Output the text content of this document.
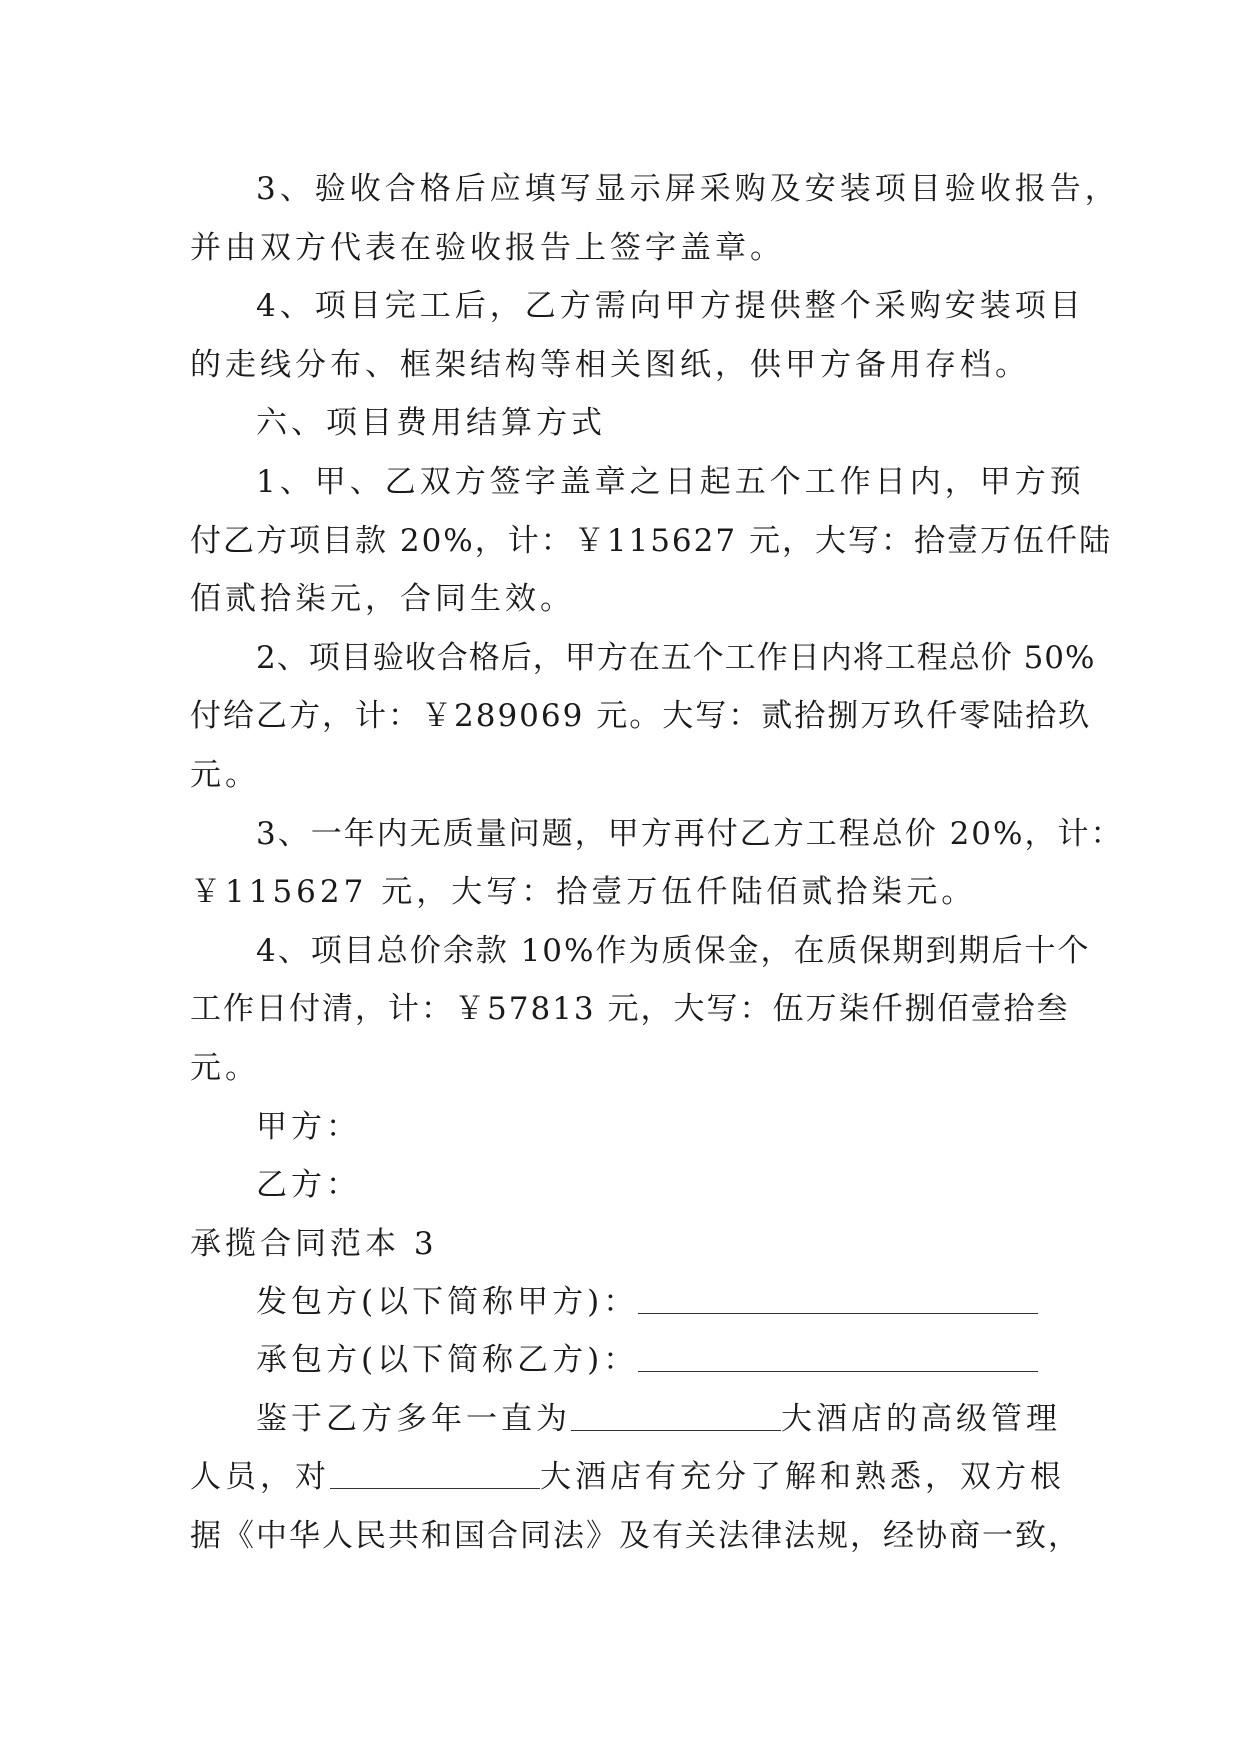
3、验收合格后应填写显示屏采购及安装项目验收报告，
并由双方代表在验收报告上签字盖章。
4、项目完工后，乙方需向甲方提供整个采购安装项目
的走线分布、框架结构等相关图纸，供甲方备用存档。
六、项目费用结算方式
1、甲、乙双方签字盖章之日起五个工作日内，甲方预
付乙方项目款 20%，计：￥115627 元，大写：拾壹万伍仟陆
佰贰拾柒元，合同生效。
2、项目验收合格后，甲方在五个工作日内将工程总价 50%
付给乙方，计：￥289069 元。大写：贰拾捌万玖仟零陆拾玖
元。
3、一年内无质量问题，甲方再付乙方工程总价 20%，计：
￥115627 元，大写：拾壹万伍仟陆佰贰拾柒元。
4、项目总价余款 10%作为质保金，在质保期到期后十个
工作日付清，计：￥57813 元，大写：伍万柒仟捌佰壹拾叁
元。
甲方：
乙方：
承揽合同范本 3
发包方(以下简称甲方)：
承包方(以下简称乙方)：
鉴于乙方多年一直为	大酒店的高级管理
人员，对	大酒店有充分了解和熟悉，双方根
据《中华人民共和国合同法》及有关法律法规，经协商一致，
